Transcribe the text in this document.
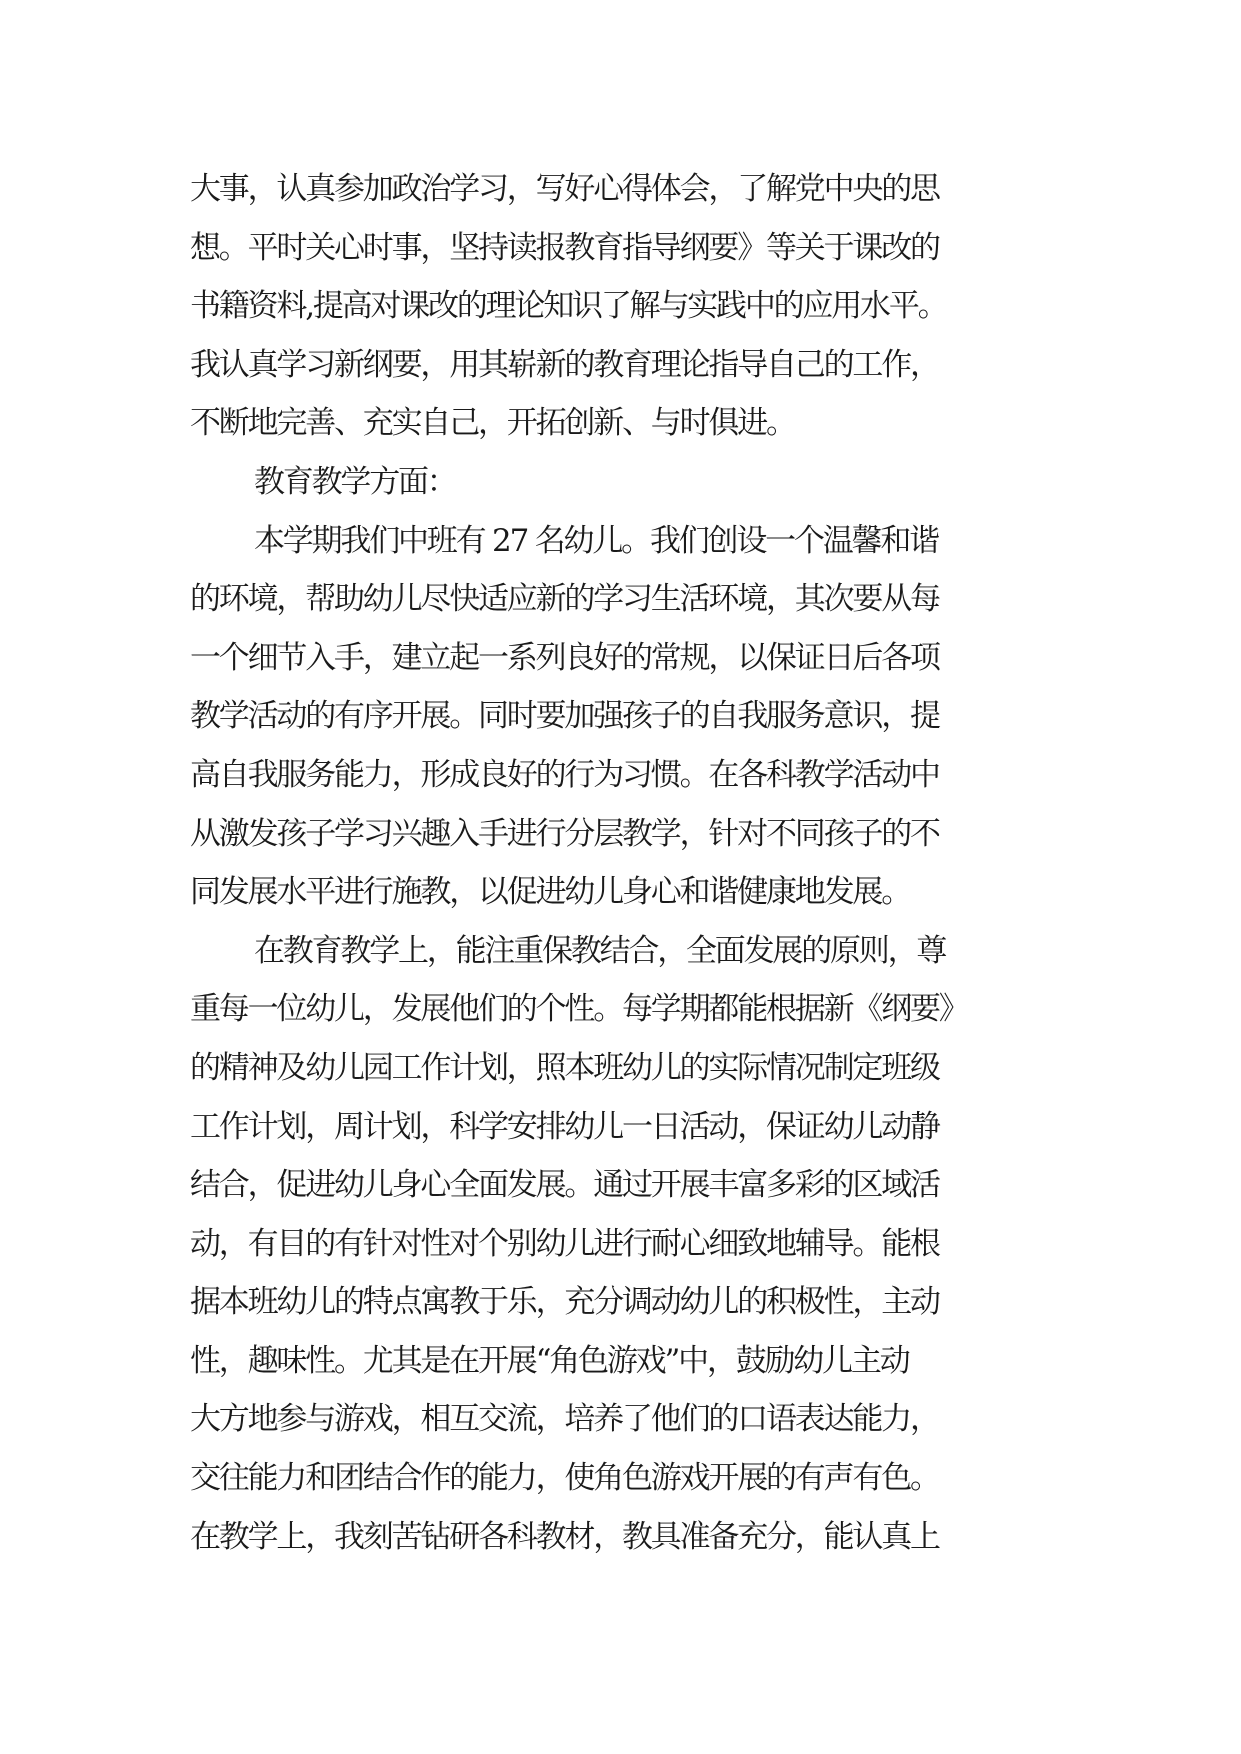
大事，认真参加政治学习，写好心得体会，了解党中央的思
想。平时关心时事，坚持读报教育指导纲要》等关于课改的
书籍资料,提高对课改的理论知识了解与实践中的应用水平。
我认真学习新纲要，用其崭新的教育理论指导自己的工作，
不断地完善、充实自己，开拓创新、与时俱进。
教育教学方面：
本学期我们中班有 27 名幼儿。我们创设一个温馨和谐
的环境，帮助幼儿尽快适应新的学习生活环境，其次要从每
一个细节入手，建立起一系列良好的常规，以保证日后各项
教学活动的有序开展。同时要加强孩子的自我服务意识，提
高自我服务能力，形成良好的行为习惯。在各科教学活动中
从激发孩子学习兴趣入手进行分层教学，针对不同孩子的不
同发展水平进行施教，以促进幼儿身心和谐健康地发展。
在教育教学上，能注重保教结合，全面发展的原则，尊
重每一位幼儿，发展他们的个性。每学期都能根据新《纲要》
的精神及幼儿园工作计划，照本班幼儿的实际情况制定班级
工作计划，周计划，科学安排幼儿一日活动，保证幼儿动静
结合，促进幼儿身心全面发展。通过开展丰富多彩的区域活
动，有目的有针对性对个别幼儿进行耐心细致地辅导。能根
据本班幼儿的特点寓教于乐，充分调动幼儿的积极性，主动
性，趣味性。尤其是在开展“角色游戏”中，鼓励幼儿主动
大方地参与游戏，相互交流，培养了他们的口语表达能力，
交往能力和团结合作的能力，使角色游戏开展的有声有色。
在教学上，我刻苦钻研各科教材，教具准备充分，能认真上
